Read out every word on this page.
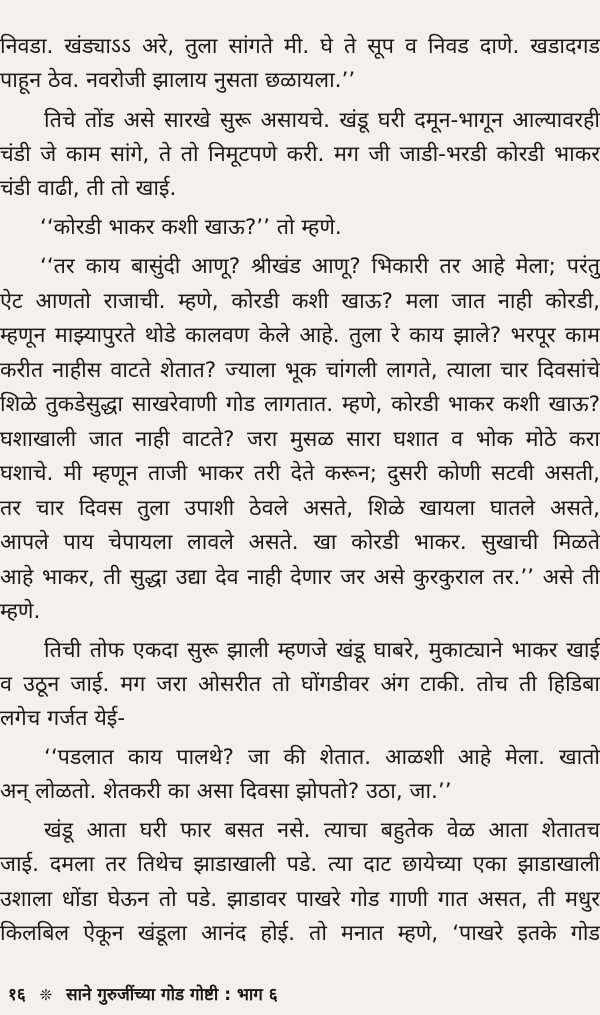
निवडा. खंड्याऽऽ अरे, तुला सांगते मी. घे ते सूप व निवड दाणे. खडादगड
पाहून ठेव. नवरोजी झालाय नुसता छळायला.’’
तिचे तोंड असे सारखे सुरू असायचे. खंडू घरी दमून-भागून आल्यावरही
चंडी जे काम सांगे, ते तो निमूटपणे करी. मग जी जाडी-भरडी कोरडी भाकर
चंडी वाढी, ती तो खाई.
‘‘कोरडी भाकर कशी खाऊ?’’ तो म्हणे.
‘‘तर काय बासुंदी आणू? श्रीखंड आणू? भिकारी तर आहे मेला; परंतु
ऐट आणतो राजाची. म्हणे, कोरडी कशी खाऊ? मला जात नाही कोरडी,
म्हणून माझ्यापुरते थोडे कालवण केले आहे. तुला रे काय झाले? भरपूर काम
करीत नाहीस वाटते शेतात? ज्याला भूक चांगली लागते, त्याला चार दिवसांचे
शिळे तुकडेसुद्धा साखरेवाणी गोड लागतात. म्हणे, कोरडी भाकर कशी खाऊ?
घशाखाली जात नाही वाटते? जरा मुसळ सारा घशात व भोक मोठे करा
घशाचे. मी म्हणून ताजी भाकर तरी देते करून; दुसरी कोणी सटवी असती,
तर चार दिवस तुला उपाशी ठेवले असते, शिळे खायला घातले असते,
आपले पाय चेपायला लावले असते. खा कोरडी भाकर. सुखाची मिळते
आहे भाकर, ती सुद्धा उद्या देव नाही देणार जर असे कुरकुराल तर.’’ असे ती
म्हणे.
तिची तोफ एकदा सुरू झाली म्हणजे खंडू घाबरे, मुकाट्याने भाकर खाई
व उठून जाई. मग जरा ओसरीत तो घोंगडीवर अंग टाकी. तोच ती हिडिबा
लगेच गर्जत येई-
‘‘पडलात काय पालथे? जा की शेतात. आळशी आहे मेला. खातो
अन् लोळतो. शेतकरी का असा दिवसा झोपतो? उठा, जा.’’
खंडू आता घरी फार बसत नसे. त्याचा बहुतेक वेळ आता शेतातच
जाई. दमला तर तिथेच झाडाखाली पडे. त्या दाट छायेच्या एका झाडाखाली
उशाला धोंडा घेऊन तो पडे. झाडावर पाखरे गोड गाणी गात असत, ती मधुर
किलबिल ऐकून खंडूला आनंद होई. तो मनात म्हणे, ‘पाखरे इतके गोड
१६ ❊ साने गुरुजींच्या गोड गोष्टी : भाग ६
